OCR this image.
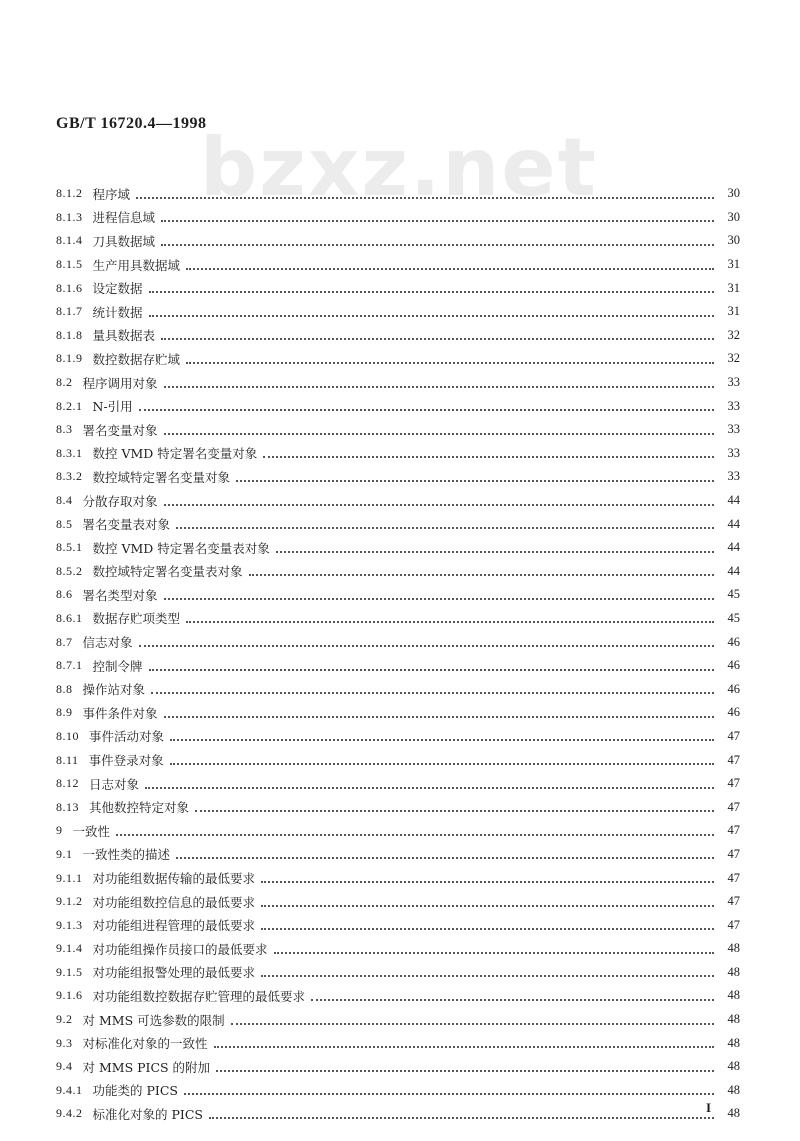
bzxz.net
GB/T 16720.4—1998
8.1.2 程序域	30
8.1.3 进程信息域	30
8.1.4 刀具数据域	30
8.1.5 生产用具数据域	31
8.1.6 设定数据	31
8.1.7 统计数据	31
8.1.8 量具数据表	32
8.1.9 数控数据存贮域	32
8.2 程序调用对象	33
8.2.1 N-引用	33
8.3 署名变量对象	33
8.3.1 数控 VMD 特定署名变量对象	33
8.3.2 数控域特定署名变量对象	33
8.4 分散存取对象	44
8.5 署名变量表对象	44
8.5.1 数控 VMD 特定署名变量表对象	44
8.5.2 数控域特定署名变量表对象	44
8.6 署名类型对象	45
8.6.1 数据存贮项类型	45
8.7 信志对象	46
8.7.1 控制令牌	46
8.8 操作站对象	46
8.9 事件条件对象	46
8.10 事件活动对象	47
8.11 事件登录对象	47
8.12 日志对象	47
8.13 其他数控特定对象	47
9 一致性	47
9.1 一致性类的描述	47
9.1.1 对功能组数据传输的最低要求	47
9.1.2 对功能组数控信息的最低要求	47
9.1.3 对功能组进程管理的最低要求	47
9.1.4 对功能组操作员接口的最低要求	48
9.1.5 对功能组报警处理的最低要求	48
9.1.6 对功能组数控数据存贮管理的最低要求	48
9.2 对 MMS 可选参数的限制	48
9.3 对标准化对象的一致性	48
9.4 对 MMS PICS 的附加	48
9.4.1 功能类的 PICS	48
9.4.2 标准化对象的 PICS	48
I
